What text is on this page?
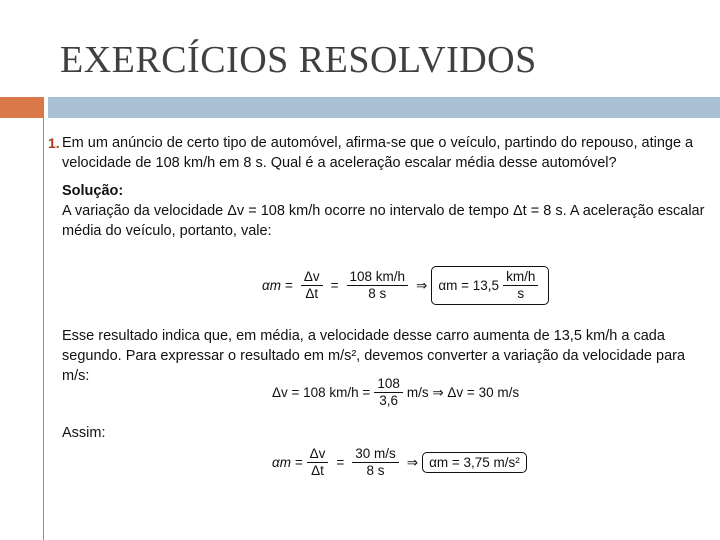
EXERCÍCIOS RESOLVIDOS
1. Em um anúncio de certo tipo de automóvel, afirma-se que o veículo, partindo do repouso, atinge a velocidade de 108 km/h em 8 s. Qual é a aceleração escalar média desse automóvel?
Solução:
A variação da velocidade Δv = 108 km/h ocorre no intervalo de tempo Δt = 8 s. A aceleração escalar média do veículo, portanto, vale:
$\alpha m = \frac{\Delta v}{\Delta t} = \frac{108 km/h}{8 s}$ ⇒ $\alpha m = 13,5 \frac{km/h}{s}$
Esse resultado indica que, em média, a velocidade desse carro aumenta de 13,5 km/h a cada segundo. Para expressar o resultado em m/s², devemos converter a variação da velocidade para m/s:
Δv = 108 $km/h = \frac{108}{3,6} m/s$ ⇒ Δv = 30 m/s
Assim:
$\alpha m = \frac{\Delta v}{\Delta t} = \frac{30 m/s}{8 s}$ ⇒ αm = 3,75 m/s²
